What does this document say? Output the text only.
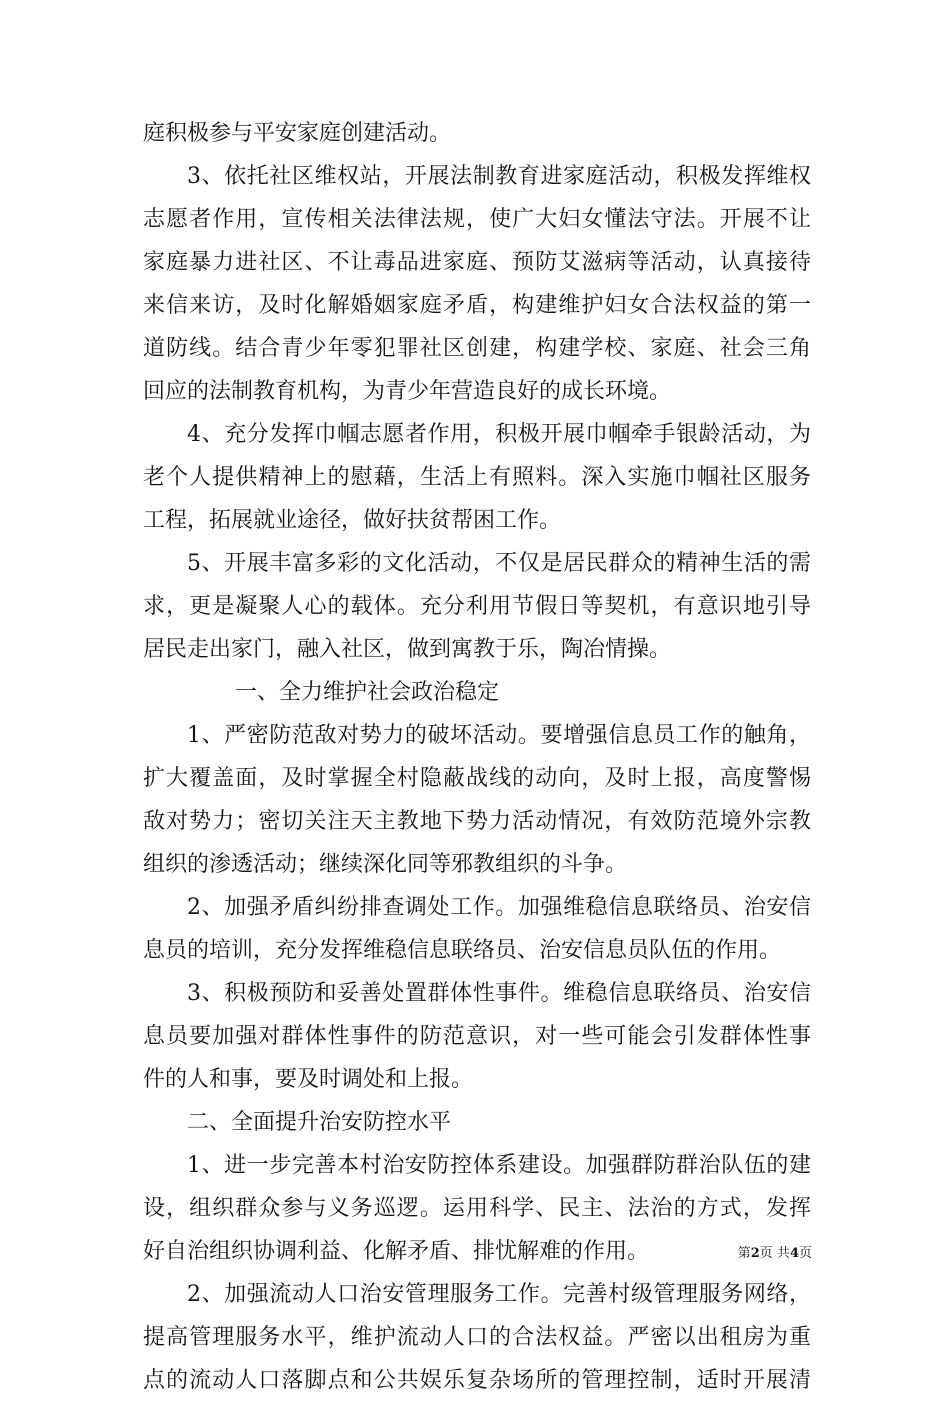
庭积极参与平安家庭创建活动。
3、依托社区维权站，开展法制教育进家庭活动，积极发挥维权
志愿者作用，宣传相关法律法规，使广大妇女懂法守法。开展不让
家庭暴力进社区、不让毒品进家庭、预防艾滋病等活动，认真接待
来信来访，及时化解婚姻家庭矛盾，构建维护妇女合法权益的第一
道防线。结合青少年零犯罪社区创建，构建学校、家庭、社会三角
回应的法制教育机构，为青少年营造良好的成长环境。
4、充分发挥巾帼志愿者作用，积极开展巾帼牵手银龄活动，为
老个人提供精神上的慰藉，生活上有照料。深入实施巾帼社区服务
工程，拓展就业途径，做好扶贫帮困工作。
5、开展丰富多彩的文化活动，不仅是居民群众的精神生活的需
求，更是凝聚人心的载体。充分利用节假日等契机，有意识地引导
居民走出家门，融入社区，做到寓教于乐，陶冶情操。
一、全力维护社会政治稳定
1、严密防范敌对势力的破坏活动。要增强信息员工作的触角，
扩大覆盖面，及时掌握全村隐蔽战线的动向，及时上报，高度警惕
敌对势力；密切关注天主教地下势力活动情况，有效防范境外宗教
组织的渗透活动；继续深化同等邪教组织的斗争。
2、加强矛盾纠纷排查调处工作。加强维稳信息联络员、治安信
息员的培训，充分发挥维稳信息联络员、治安信息员队伍的作用。
3、积极预防和妥善处置群体性事件。维稳信息联络员、治安信
息员要加强对群体性事件的防范意识，对一些可能会引发群体性事
件的人和事，要及时调处和上报。
二、全面提升治安防控水平
1、进一步完善本村治安防控体系建设。加强群防群治队伍的建
设，组织群众参与义务巡逻。运用科学、民主、法治的方式，发挥
好自治组织协调利益、化解矛盾、排忧解难的作用。
2、加强流动人口治安管理服务工作。完善村级管理服务网络，
提高管理服务水平，维护流动人口的合法权益。严密以出租房为重
点的流动人口落脚点和公共娱乐复杂场所的管理控制，适时开展清
第2页 共4页
